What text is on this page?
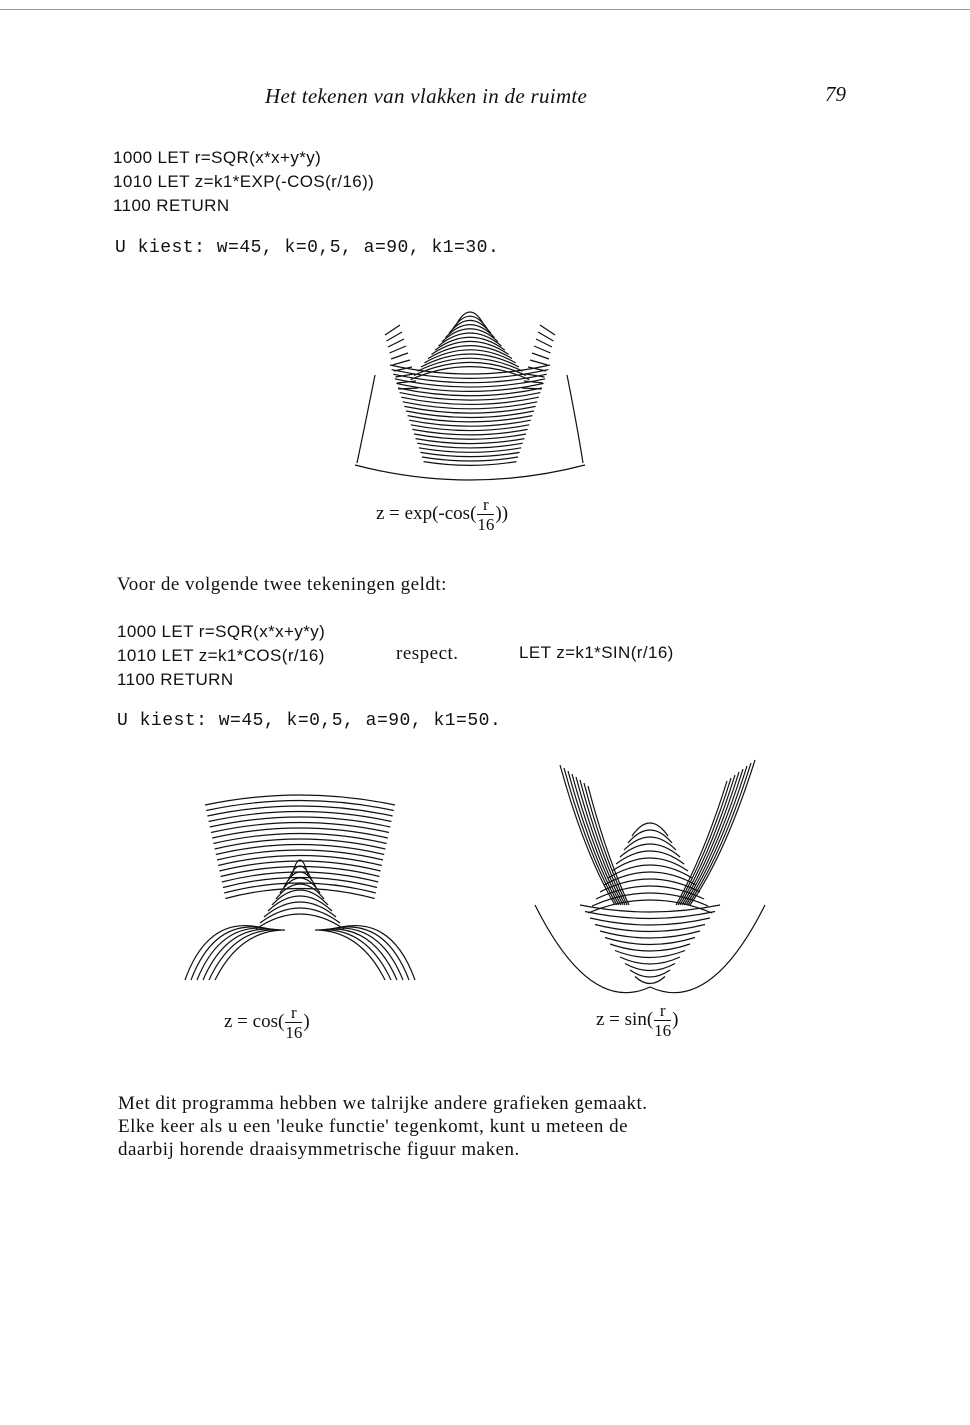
Het tekenen van vlakken in de ruimte	79
1000 LET r=SQR(x*x+y*y)
1010 LET z=k1*EXP(-COS(r/16))
1100 RETURN
U kiest: w=45, k=0,5, a=90, k1=30.
$z = \exp(-\cos( \frac{r}{16}$ ))
Voor de volgende twee tekeningen geldt:
1000 LET r=SQR(x*x+y*y)
1010 LET z=k1*COS(r/16)	respect.	LET z=k1*SIN(r/16)
1100 RETURN
U kiest: w=45, k=0,5, a=90, k1=50.
$z = \cos( \frac{r}{16}$ )	$z = \sin( \frac{r}{16}$ )
Met dit programma hebben we talrijke andere grafieken gemaakt.
Elke keer als u een 'leuke functie' tegenkomt, kunt u meteen de
daarbij horende draaisymmetrische figuur maken.
